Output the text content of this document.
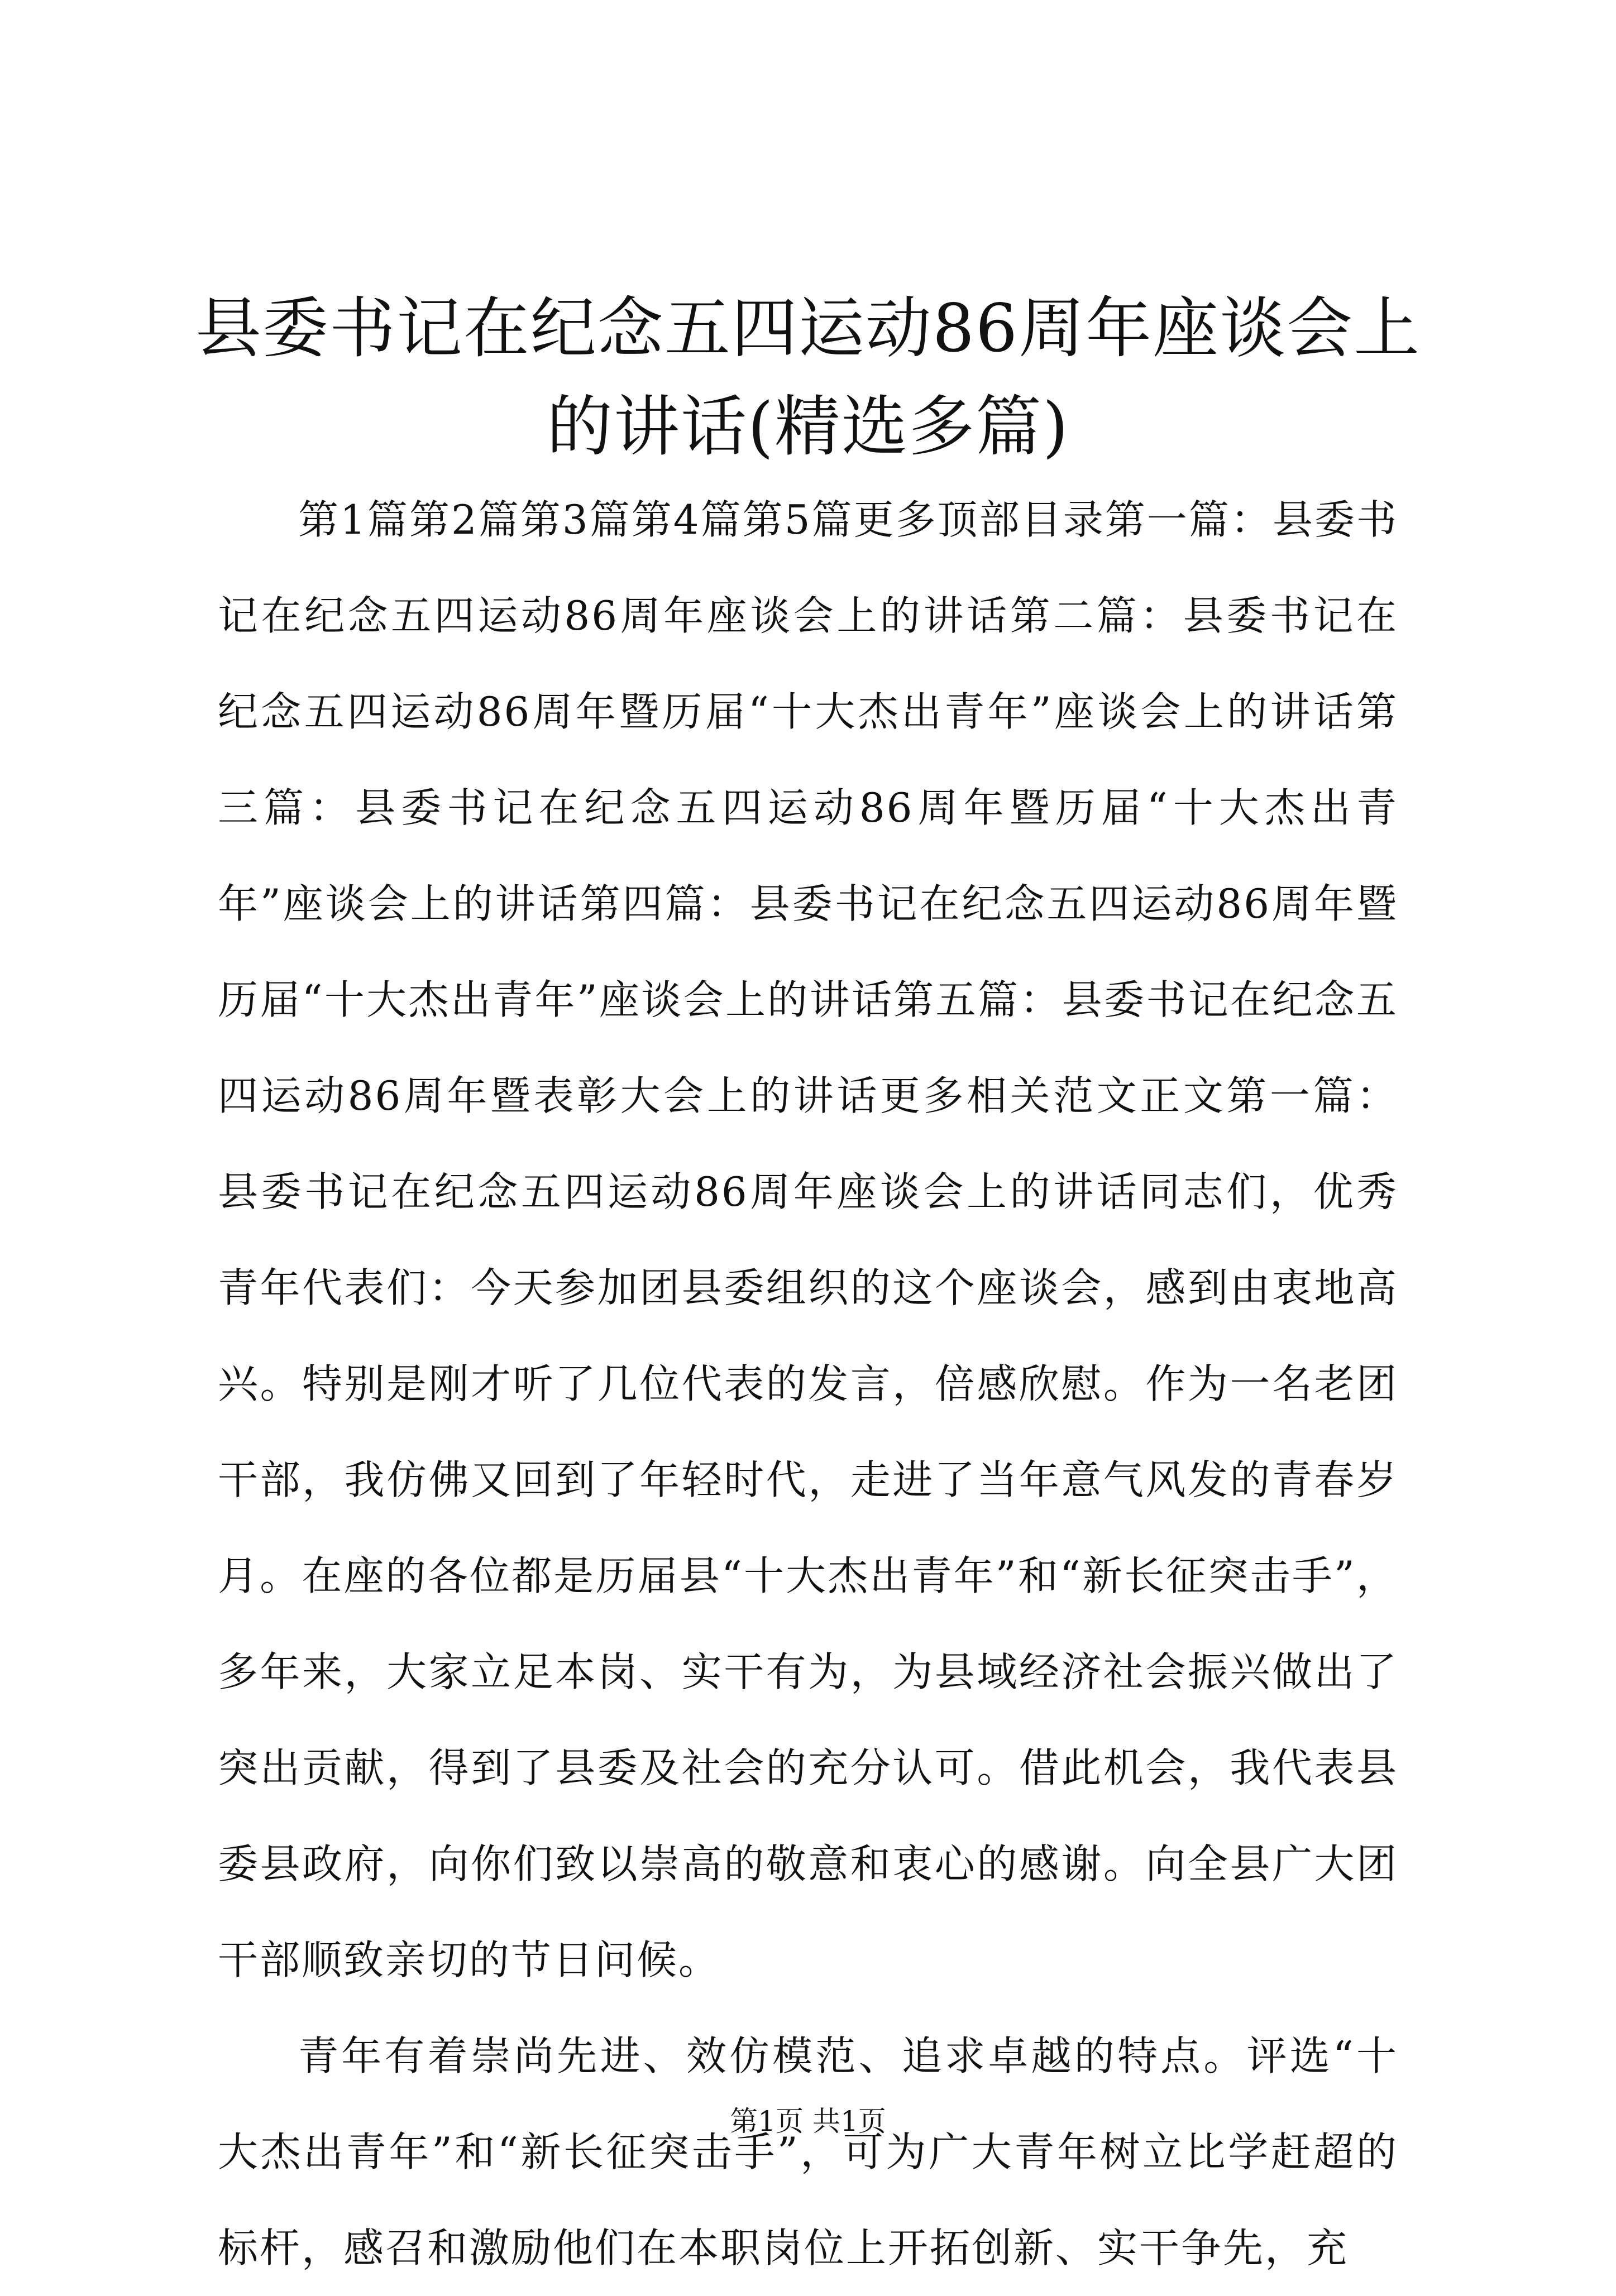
县委书记在纪念五四运动86周年座谈会上的讲话(精选多篇)

第1篇第2篇第3篇第4篇第5篇更多顶部目录第一篇：县委书记在纪念五四运动86周年座谈会上的讲话第二篇：县委书记在纪念五四运动86周年暨历届“十大杰出青年”座谈会上的讲话第三篇：县委书记在纪念五四运动86周年暨历届“十大杰出青年”座谈会上的讲话第四篇：县委书记在纪念五四运动86周年暨历届“十大杰出青年”座谈会上的讲话第五篇：县委书记在纪念五四运动86周年暨表彰大会上的讲话更多相关范文正文第一篇：县委书记在纪念五四运动86周年座谈会上的讲话同志们，优秀青年代表们：今天参加团县委组织的这个座谈会，感到由衷地高兴。特别是刚才听了几位代表的发言，倍感欣慰。作为一名老团干部，我仿佛又回到了年轻时代，走进了当年意气风发的青春岁月。在座的各位都是历届县“十大杰出青年”和“新长征突击手”，多年来，大家立足本岗、实干有为，为县域经济社会振兴做出了突出贡献，得到了县委及社会的充分认可。借此机会，我代表县委县政府，向你们致以崇高的敬意和衷心的感谢。向全县广大团干部顺致亲切的节日问候。

青年有着崇尚先进、效仿模范、追求卓越的特点。评选“十大杰出青年”和“新长征突击手”，可为广大青年树立比学赶超的标杆，感召和激励他们在本职岗位上开拓创新、实干争先，充

第1页 共1页
